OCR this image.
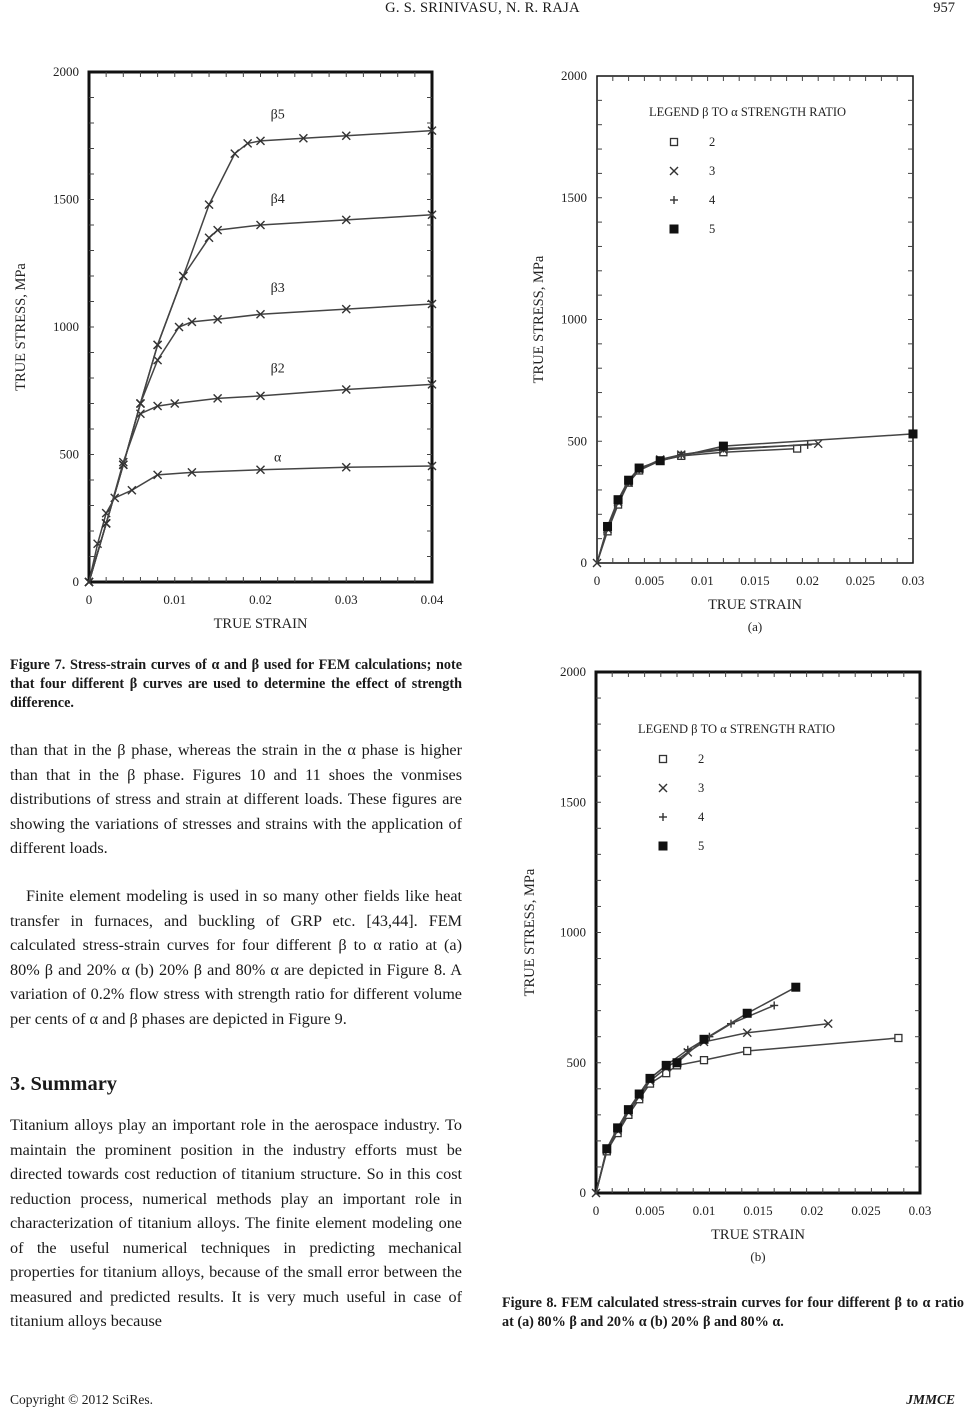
G. S. SRINIVASU, N. R. RAJA	957
0	0.01	0.02	0.03	0.04
0
500
1000
1500
2000
TRUE STRAIN
TRUE STRESS, MPa
α
β2
β3
β4
β5
0	0.005 0.01 0.015 0.02 0.025 0.03
0
500
1000
1500
2000
TRUE STRAIN
TRUE STRESS, MPa
(a)
LEGEND β TO α STRENGTH RATIO
2
3
4
5
0	0.005 0.01 0.015 0.02 0.025 0.03
0
500
1000
1500
2000
TRUE STRAIN
TRUE STRESS, MPa
(b)
LEGEND β TO α STRENGTH RATIO
2
3
4
5
Figure 7. Stress-strain curves of α and β used for FEM calculations; note that four different β curves are used to determine the effect of strength difference.
than that in the β phase, whereas the strain in the α phase is higher than that in the β phase. Figures 10 and 11 shoes the vonmises distributions of stress and strain at different loads. These figures are showing the variations of stresses and strains with the application of different loads.
Finite element modeling is used in so many other fields like heat transfer in furnaces, and buckling of GRP etc. [43,44]. FEM calculated stress-strain curves for four different β to α ratio at (a) 80% β and 20% α (b) 20% β and 80% α are depicted in Figure 8. A variation of 0.2% flow stress with strength ratio for different volume per cents of α and β phases are depicted in Figure 9.
3. Summary
Titanium alloys play an important role in the aerospace industry. To maintain the prominent position in the industry efforts must be directed towards cost reduction of titanium structure. So in this cost reduction process, numerical methods play an important role in characterization of titanium alloys. The finite element modeling one of the useful numerical techniques in predicting mechanical properties for titanium alloys, because of the small error between the measured and predicted results. It is very much useful in case of titanium alloys because
Figure 8. FEM calculated stress-strain curves for four different β to α ratio at (a) 80% β and 20% α (b) 20% β and 80% α.
Copyright © 2012 SciRes.	JMMCE
